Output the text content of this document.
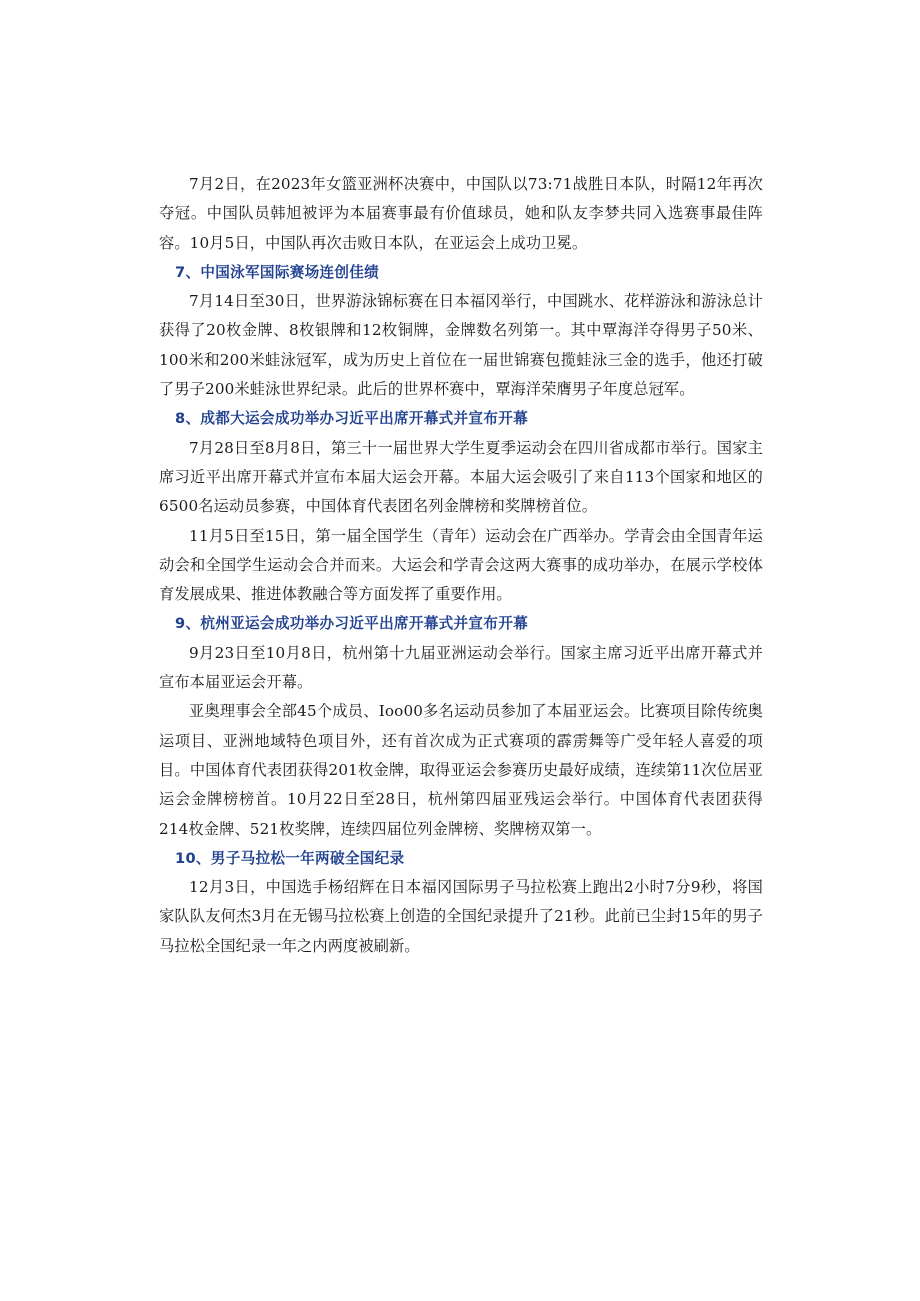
7月2日，在2023年女篮亚洲杯决赛中，中国队以73:71战胜日本队，时隔12年再次夺冠。中国队员韩旭被评为本届赛事最有价值球员，她和队友李梦共同入选赛事最佳阵容。10月5日，中国队再次击败日本队，在亚运会上成功卫冕。

7、中国泳军国际赛场连创佳绩

7月14日至30日，世界游泳锦标赛在日本福冈举行，中国跳水、花样游泳和游泳总计获得了20枚金牌、8枚银牌和12枚铜牌，金牌数名列第一。其中覃海洋夺得男子50米、100米和200米蛙泳冠军，成为历史上首位在一届世锦赛包揽蛙泳三金的选手，他还打破了男子200米蛙泳世界纪录。此后的世界杯赛中，覃海洋荣膺男子年度总冠军。

8、成都大运会成功举办习近平出席开幕式并宣布开幕

7月28日至8月8日，第三十一届世界大学生夏季运动会在四川省成都市举行。国家主席习近平出席开幕式并宣布本届大运会开幕。本届大运会吸引了来自113个国家和地区的6500名运动员参赛，中国体育代表团名列金牌榜和奖牌榜首位。

11月5日至15日，第一届全国学生（青年）运动会在广西举办。学青会由全国青年运动会和全国学生运动会合并而来。大运会和学青会这两大赛事的成功举办，在展示学校体育发展成果、推进体教融合等方面发挥了重要作用。

9、杭州亚运会成功举办习近平出席开幕式并宣布开幕

9月23日至10月8日，杭州第十九届亚洲运动会举行。国家主席习近平出席开幕式并宣布本届亚运会开幕。

亚奥理事会全部45个成员、Ioo00多名运动员参加了本届亚运会。比赛项目除传统奥运项目、亚洲地域特色项目外，还有首次成为正式赛项的霹雳舞等广受年轻人喜爱的项目。中国体育代表团获得201枚金牌，取得亚运会参赛历史最好成绩，连续第11次位居亚运会金牌榜榜首。10月22日至28日，杭州第四届亚残运会举行。中国体育代表团获得214枚金牌、521枚奖牌，连续四届位列金牌榜、奖牌榜双第一。

10、男子马拉松一年两破全国纪录

12月3日，中国选手杨绍辉在日本福冈国际男子马拉松赛上跑出2小时7分9秒，将国家队队友何杰3月在无锡马拉松赛上创造的全国纪录提升了21秒。此前已尘封15年的男子马拉松全国纪录一年之内两度被刷新。
